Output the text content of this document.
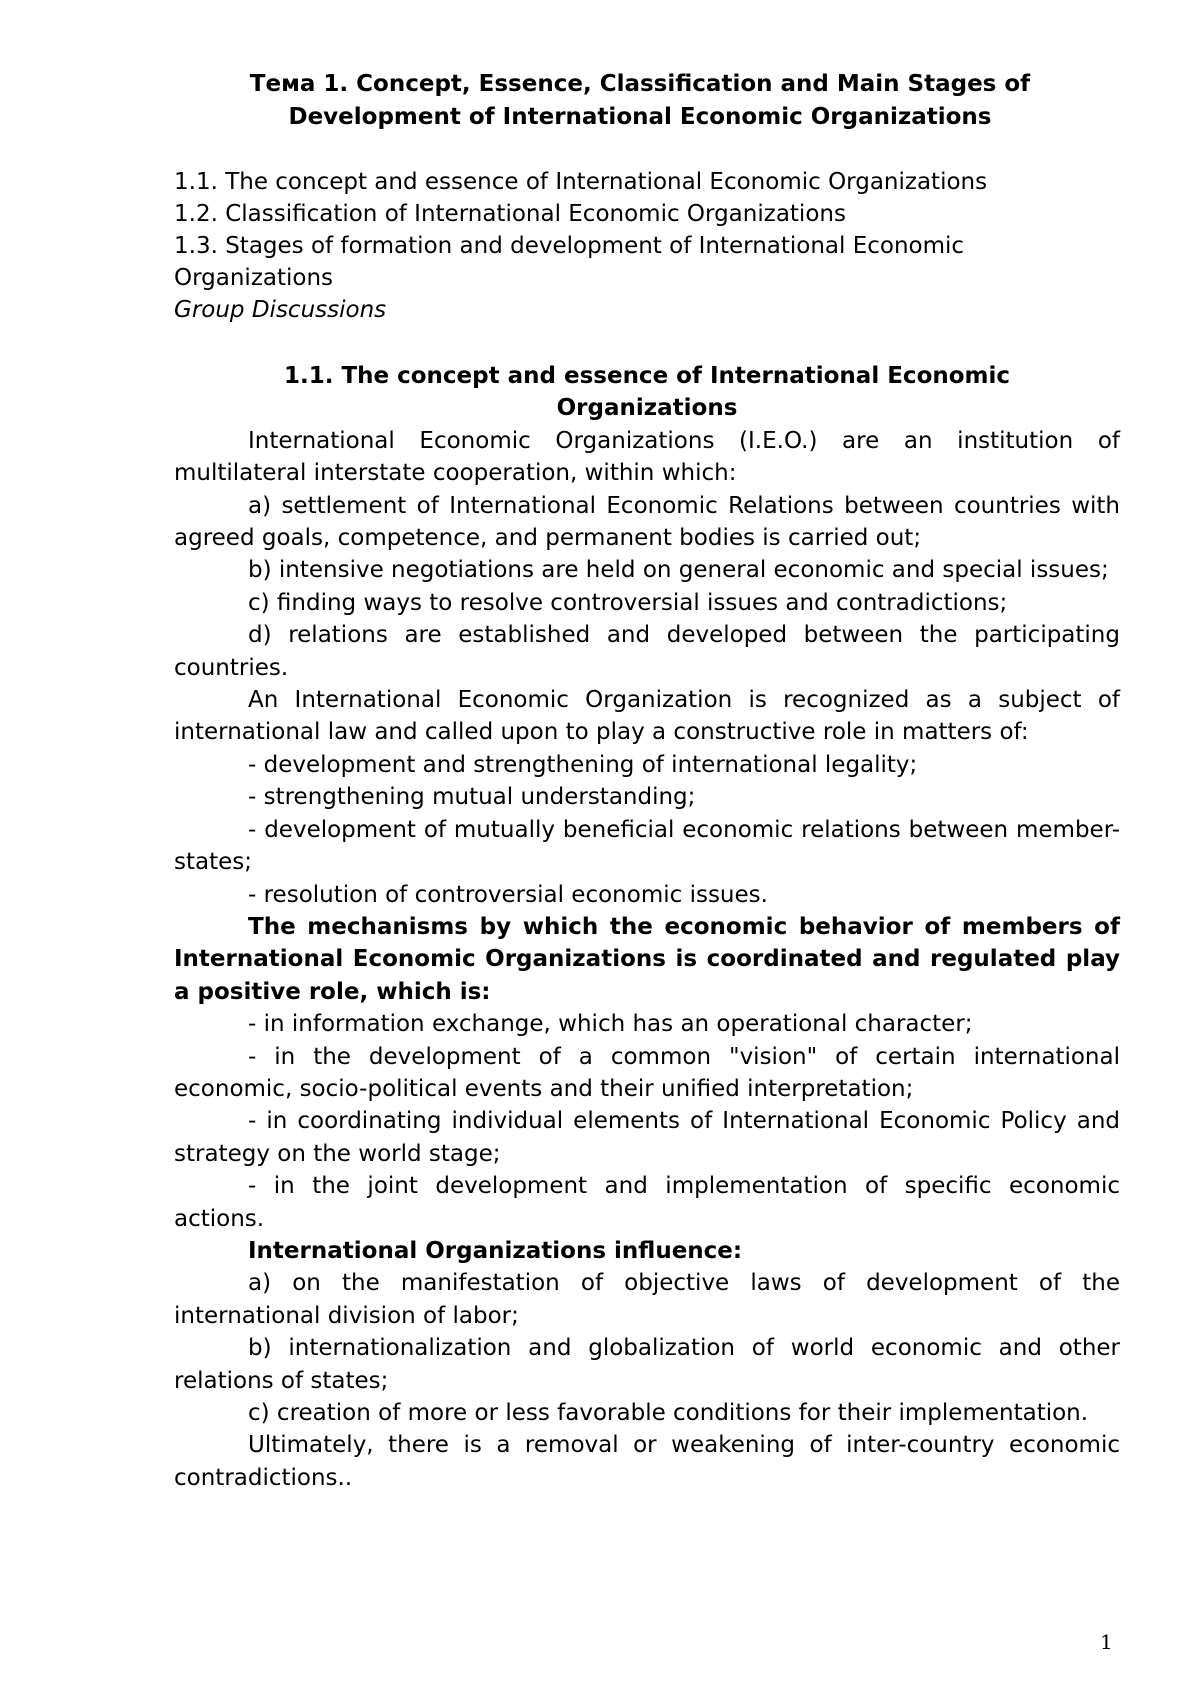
Тема 1. Concept, Essence, Classification and Main Stages of
Development of International Economic Organizations
1.1. The concept and essence of International Economic Organizations
1.2. Classification of International Economic Organizations
1.3. Stages of formation and development of International Economic
Organizations
Group Discussions

1.1. The concept and essence of International Economic

Organizations

International Economic Organizations (I.E.O.) are an institution of multilateral interstate cooperation, within which:

a) settlement of International Economic Relations between countries with agreed goals, competence, and permanent bodies is carried out;

b) intensive negotiations are held on general economic and special issues;

c) finding ways to resolve controversial issues and contradictions;

d) relations are established and developed between the participating countries.

An International Economic Organization is recognized as a subject of international law and called upon to play a constructive role in matters of:

- development and strengthening of international legality;

- strengthening mutual understanding;

- development of mutually beneficial economic relations between member-states;

- resolution of controversial economic issues.

The mechanisms by which the economic behavior of members of International Economic Organizations is coordinated and regulated play a positive role, which is:

- in information exchange, which has an operational character;

- in the development of a common "vision" of certain international economic, socio-political events and their unified interpretation;

- in coordinating individual elements of International Economic Policy and strategy on the world stage;

- in the joint development and implementation of specific economic actions.

International Organizations influence:

a) on the manifestation of objective laws of development of the international division of labor;

b) internationalization and globalization of world economic and other relations of states;

c) creation of more or less favorable conditions for their implementation.

Ultimately, there is a removal or weakening of inter-country economic contradictions..

1
